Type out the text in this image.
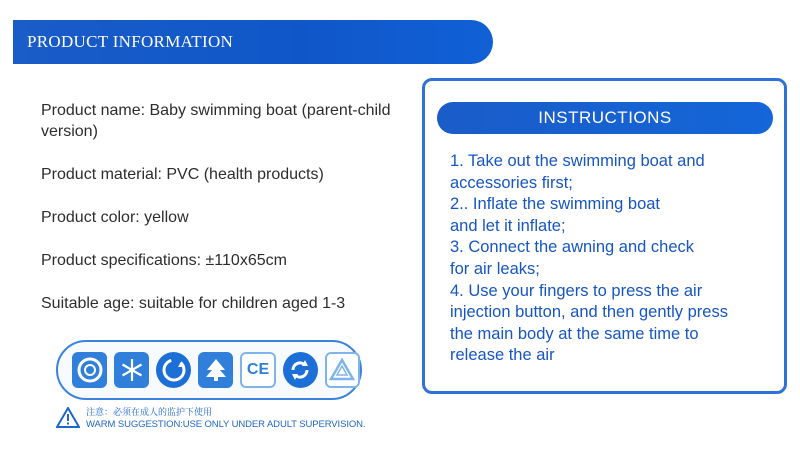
PRODUCT INFORMATION
Product name: Baby swimming boat (parent-child version)
Product material: PVC (health products)
Product color: yellow
Product specifications: ±110x65cm
Suitable age: suitable for children aged 1-3
CE
注意：必须在成人的监护下使用
WARM SUGGESTION:USE ONLY UNDER ADULT SUPERVISION.
INSTRUCTIONS
1. Take out the swimming boat and
accessories first;
2.. Inflate the swimming boat
and let it inflate;
3. Connect the awning and check
for air leaks;
4. Use your fingers to press the air
injection button, and then gently press
the main body at the same time to
release the air
